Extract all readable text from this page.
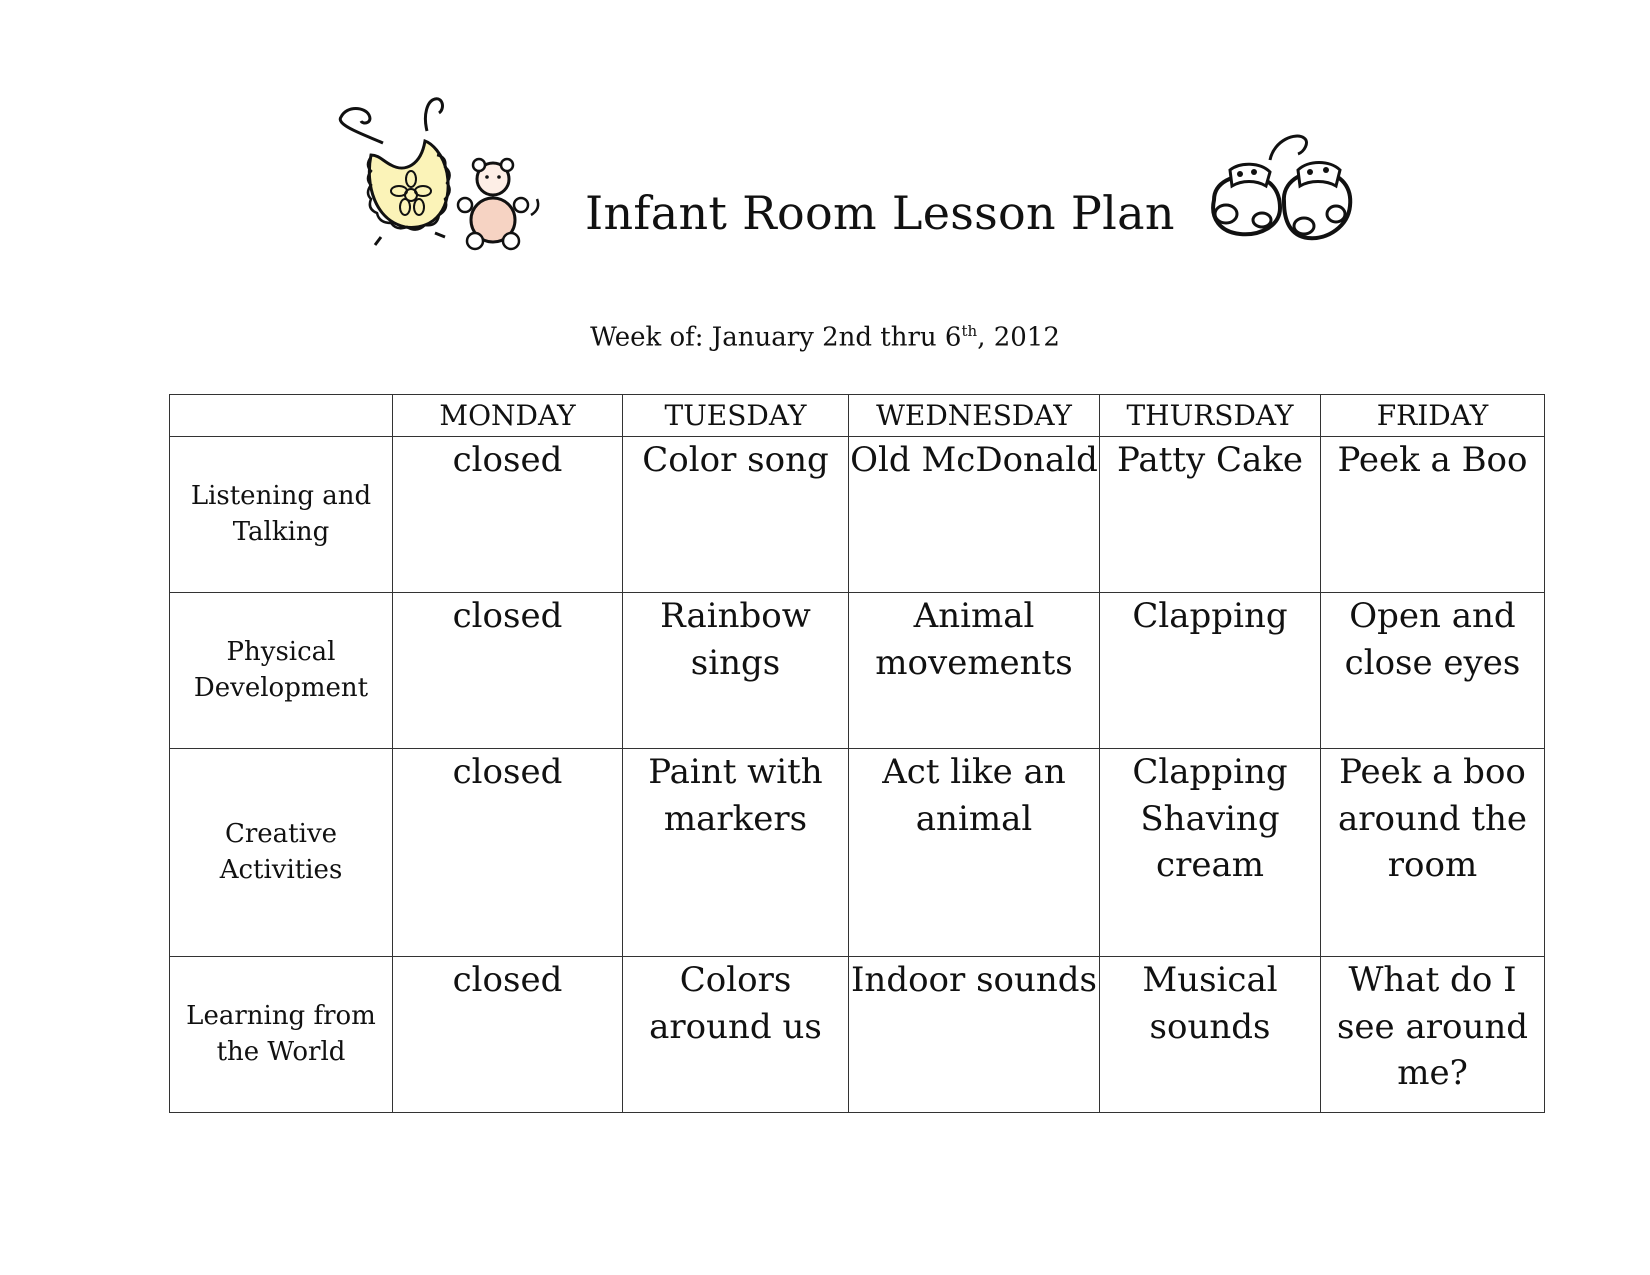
Infant Room Lesson Plan
Week of: January 2nd thru 6th, 2012
	MONDAY	TUESDAY	WEDNESDAY	THURSDAY	FRIDAY
Listening and Talking	closed	Color song	Old McDonald	Patty Cake	Peek a Boo
Physical Development	closed	Rainbow sings	Animal movements	Clapping	Open and close eyes
Creative Activities	closed	Paint with markers	Act like an animal	Clapping Shaving cream	Peek a boo around the room
Learning from the World	closed	Colors around us	Indoor sounds	Musical sounds	What do I see around me?
